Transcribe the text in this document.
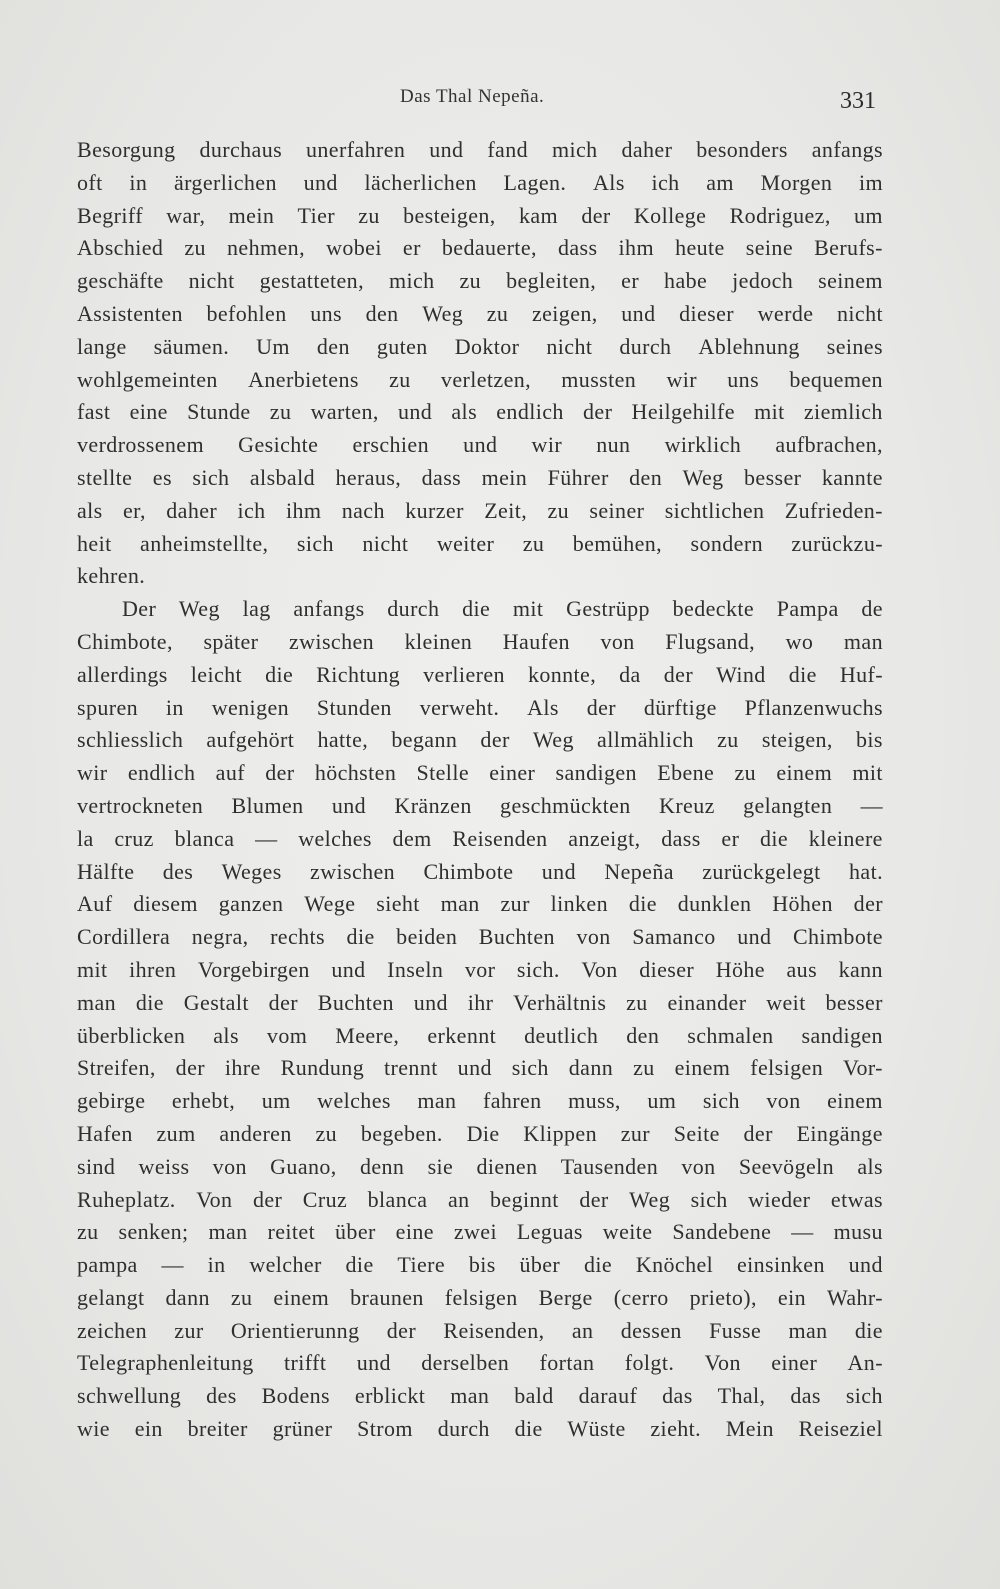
Das Thal Nepeña.	331
Besorgung durchaus unerfahren und fand mich daher besonders anfangs
oft in ärgerlichen und lächerlichen Lagen. Als ich am Morgen im
Begriff war, mein Tier zu besteigen, kam der Kollege Rodriguez, um
Abschied zu nehmen, wobei er bedauerte, dass ihm heute seine Berufs-
geschäfte nicht gestatteten, mich zu begleiten, er habe jedoch seinem
Assistenten befohlen uns den Weg zu zeigen, und dieser werde nicht
lange säumen. Um den guten Doktor nicht durch Ablehnung seines
wohlgemeinten Anerbietens zu verletzen, mussten wir uns bequemen
fast eine Stunde zu warten, und als endlich der Heilgehilfe mit ziemlich
verdrossenem Gesichte erschien und wir nun wirklich aufbrachen,
stellte es sich alsbald heraus, dass mein Führer den Weg besser kannte
als er, daher ich ihm nach kurzer Zeit, zu seiner sichtlichen Zufrieden-
heit anheimstellte, sich nicht weiter zu bemühen, sondern zurückzu-
kehren.
Der Weg lag anfangs durch die mit Gestrüpp bedeckte Pampa de
Chimbote, später zwischen kleinen Haufen von Flugsand, wo man
allerdings leicht die Richtung verlieren konnte, da der Wind die Huf-
spuren in wenigen Stunden verweht. Als der dürftige Pflanzenwuchs
schliesslich aufgehört hatte, begann der Weg allmählich zu steigen, bis
wir endlich auf der höchsten Stelle einer sandigen Ebene zu einem mit
vertrockneten Blumen und Kränzen geschmückten Kreuz gelangten —
la cruz blanca — welches dem Reisenden anzeigt, dass er die kleinere
Hälfte des Weges zwischen Chimbote und Nepeña zurückgelegt hat.
Auf diesem ganzen Wege sieht man zur linken die dunklen Höhen der
Cordillera negra, rechts die beiden Buchten von Samanco und Chimbote
mit ihren Vorgebirgen und Inseln vor sich. Von dieser Höhe aus kann
man die Gestalt der Buchten und ihr Verhältnis zu einander weit besser
überblicken als vom Meere, erkennt deutlich den schmalen sandigen
Streifen, der ihre Rundung trennt und sich dann zu einem felsigen Vor-
gebirge erhebt, um welches man fahren muss, um sich von einem
Hafen zum anderen zu begeben. Die Klippen zur Seite der Eingänge
sind weiss von Guano, denn sie dienen Tausenden von Seevögeln als
Ruheplatz. Von der Cruz blanca an beginnt der Weg sich wieder etwas
zu senken; man reitet über eine zwei Leguas weite Sandebene — musu
pampa — in welcher die Tiere bis über die Knöchel einsinken und
gelangt dann zu einem braunen felsigen Berge (cerro prieto), ein Wahr-
zeichen zur Orientierunng der Reisenden, an dessen Fusse man die
Telegraphenleitung trifft und derselben fortan folgt. Von einer An-
schwellung des Bodens erblickt man bald darauf das Thal, das sich
wie ein breiter grüner Strom durch die Wüste zieht. Mein Reiseziel
